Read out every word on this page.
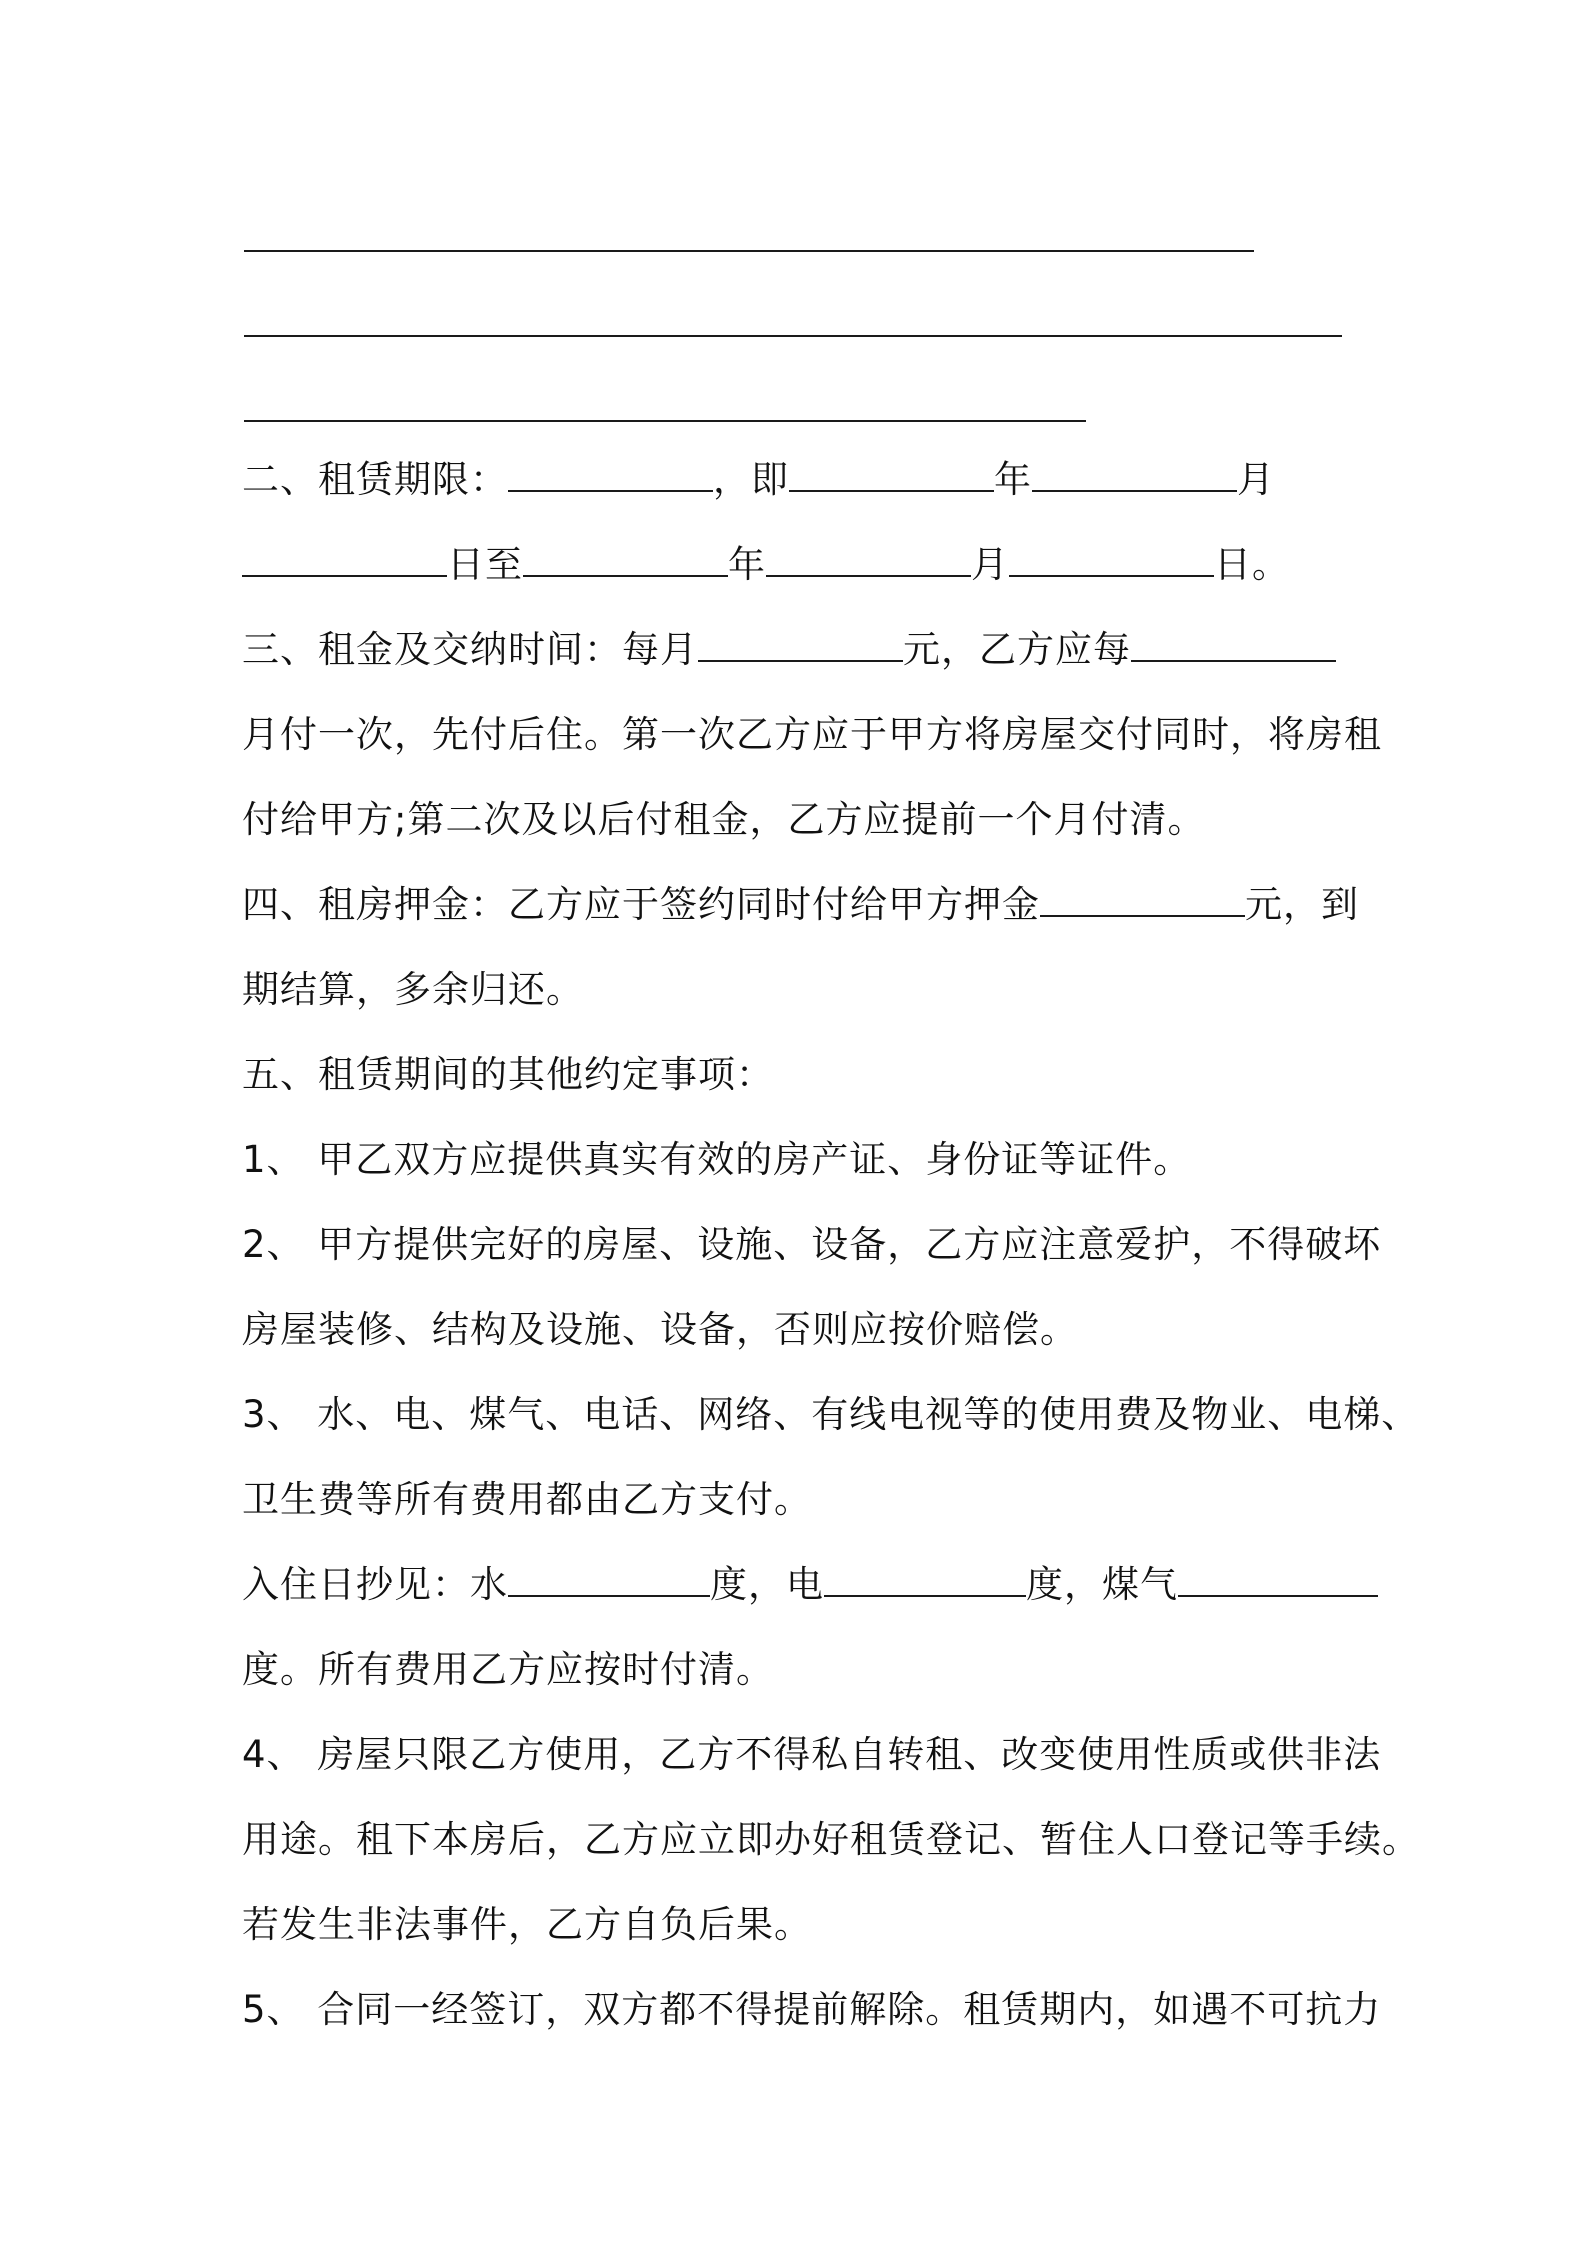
二、租赁期限：	，即	年	月
日至	年	月	日。
三、租金及交纳时间：每月	元，乙方应每
月付一次，先付后住。第一次乙方应于甲方将房屋交付同时，将房租
付给甲方;第二次及以后付租金，乙方应提前一个月付清。
四、租房押金：乙方应于签约同时付给甲方押金	元，到
期结算，多余归还。
五、租赁期间的其他约定事项：
1、 甲乙双方应提供真实有效的房产证、身份证等证件。
2、 甲方提供完好的房屋、设施、设备，乙方应注意爱护，不得破坏
房屋装修、结构及设施、设备，否则应按价赔偿。
3、 水、电、煤气、电话、网络、有线电视等的使用费及物业、电梯、
卫生费等所有费用都由乙方支付。
入住日抄见：水	度，电	度，煤气
度。所有费用乙方应按时付清。
4、 房屋只限乙方使用，乙方不得私自转租、改变使用性质或供非法
用途。租下本房后，乙方应立即办好租赁登记、暂住人口登记等手续。
若发生非法事件，乙方自负后果。
5、 合同一经签订，双方都不得提前解除。租赁期内，如遇不可抗力
